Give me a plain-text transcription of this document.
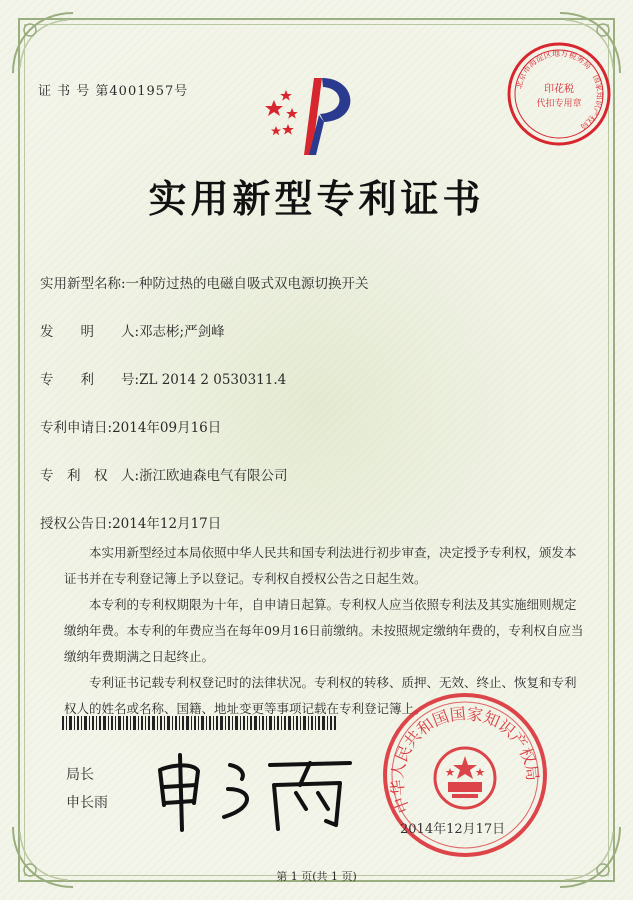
证 书 号 第4001957号	北京市海淀区地方税务局　国家知识产权局
印花税
代扣专用章
实用新型专利证书
实用新型名称:一种防过热的电磁自吸式双电源切换开关
发　　明　　人:邓志彬;严剑峰
专　　利　　号:ZL 2014 2 0530311.4
专利申请日:2014年09月16日
专　利　权　人:浙江欧迪森电气有限公司
授权公告日:2014年12月17日

本实用新型经过本局依照中华人民共和国专利法进行初步审查，决定授予专利权，颁发本证书并在专利登记簿上予以登记。专利权自授权公告之日起生效。

本专利的专利权期限为十年，自申请日起算。专利权人应当依照专利法及其实施细则规定缴纳年费。本专利的年费应当在每年09月16日前缴纳。未按照规定缴纳年费的，专利权自应当缴纳年费期满之日起终止。

专利证书记载专利权登记时的法律状况。专利权的转移、质押、无效、终止、恢复和专利权人的姓名或名称、国籍、地址变更等事项记载在专利登记簿上。

局长
申长雨	中华人民共和国国家知识产权局
2014年12月17日
第 1 页(共 1 页)
